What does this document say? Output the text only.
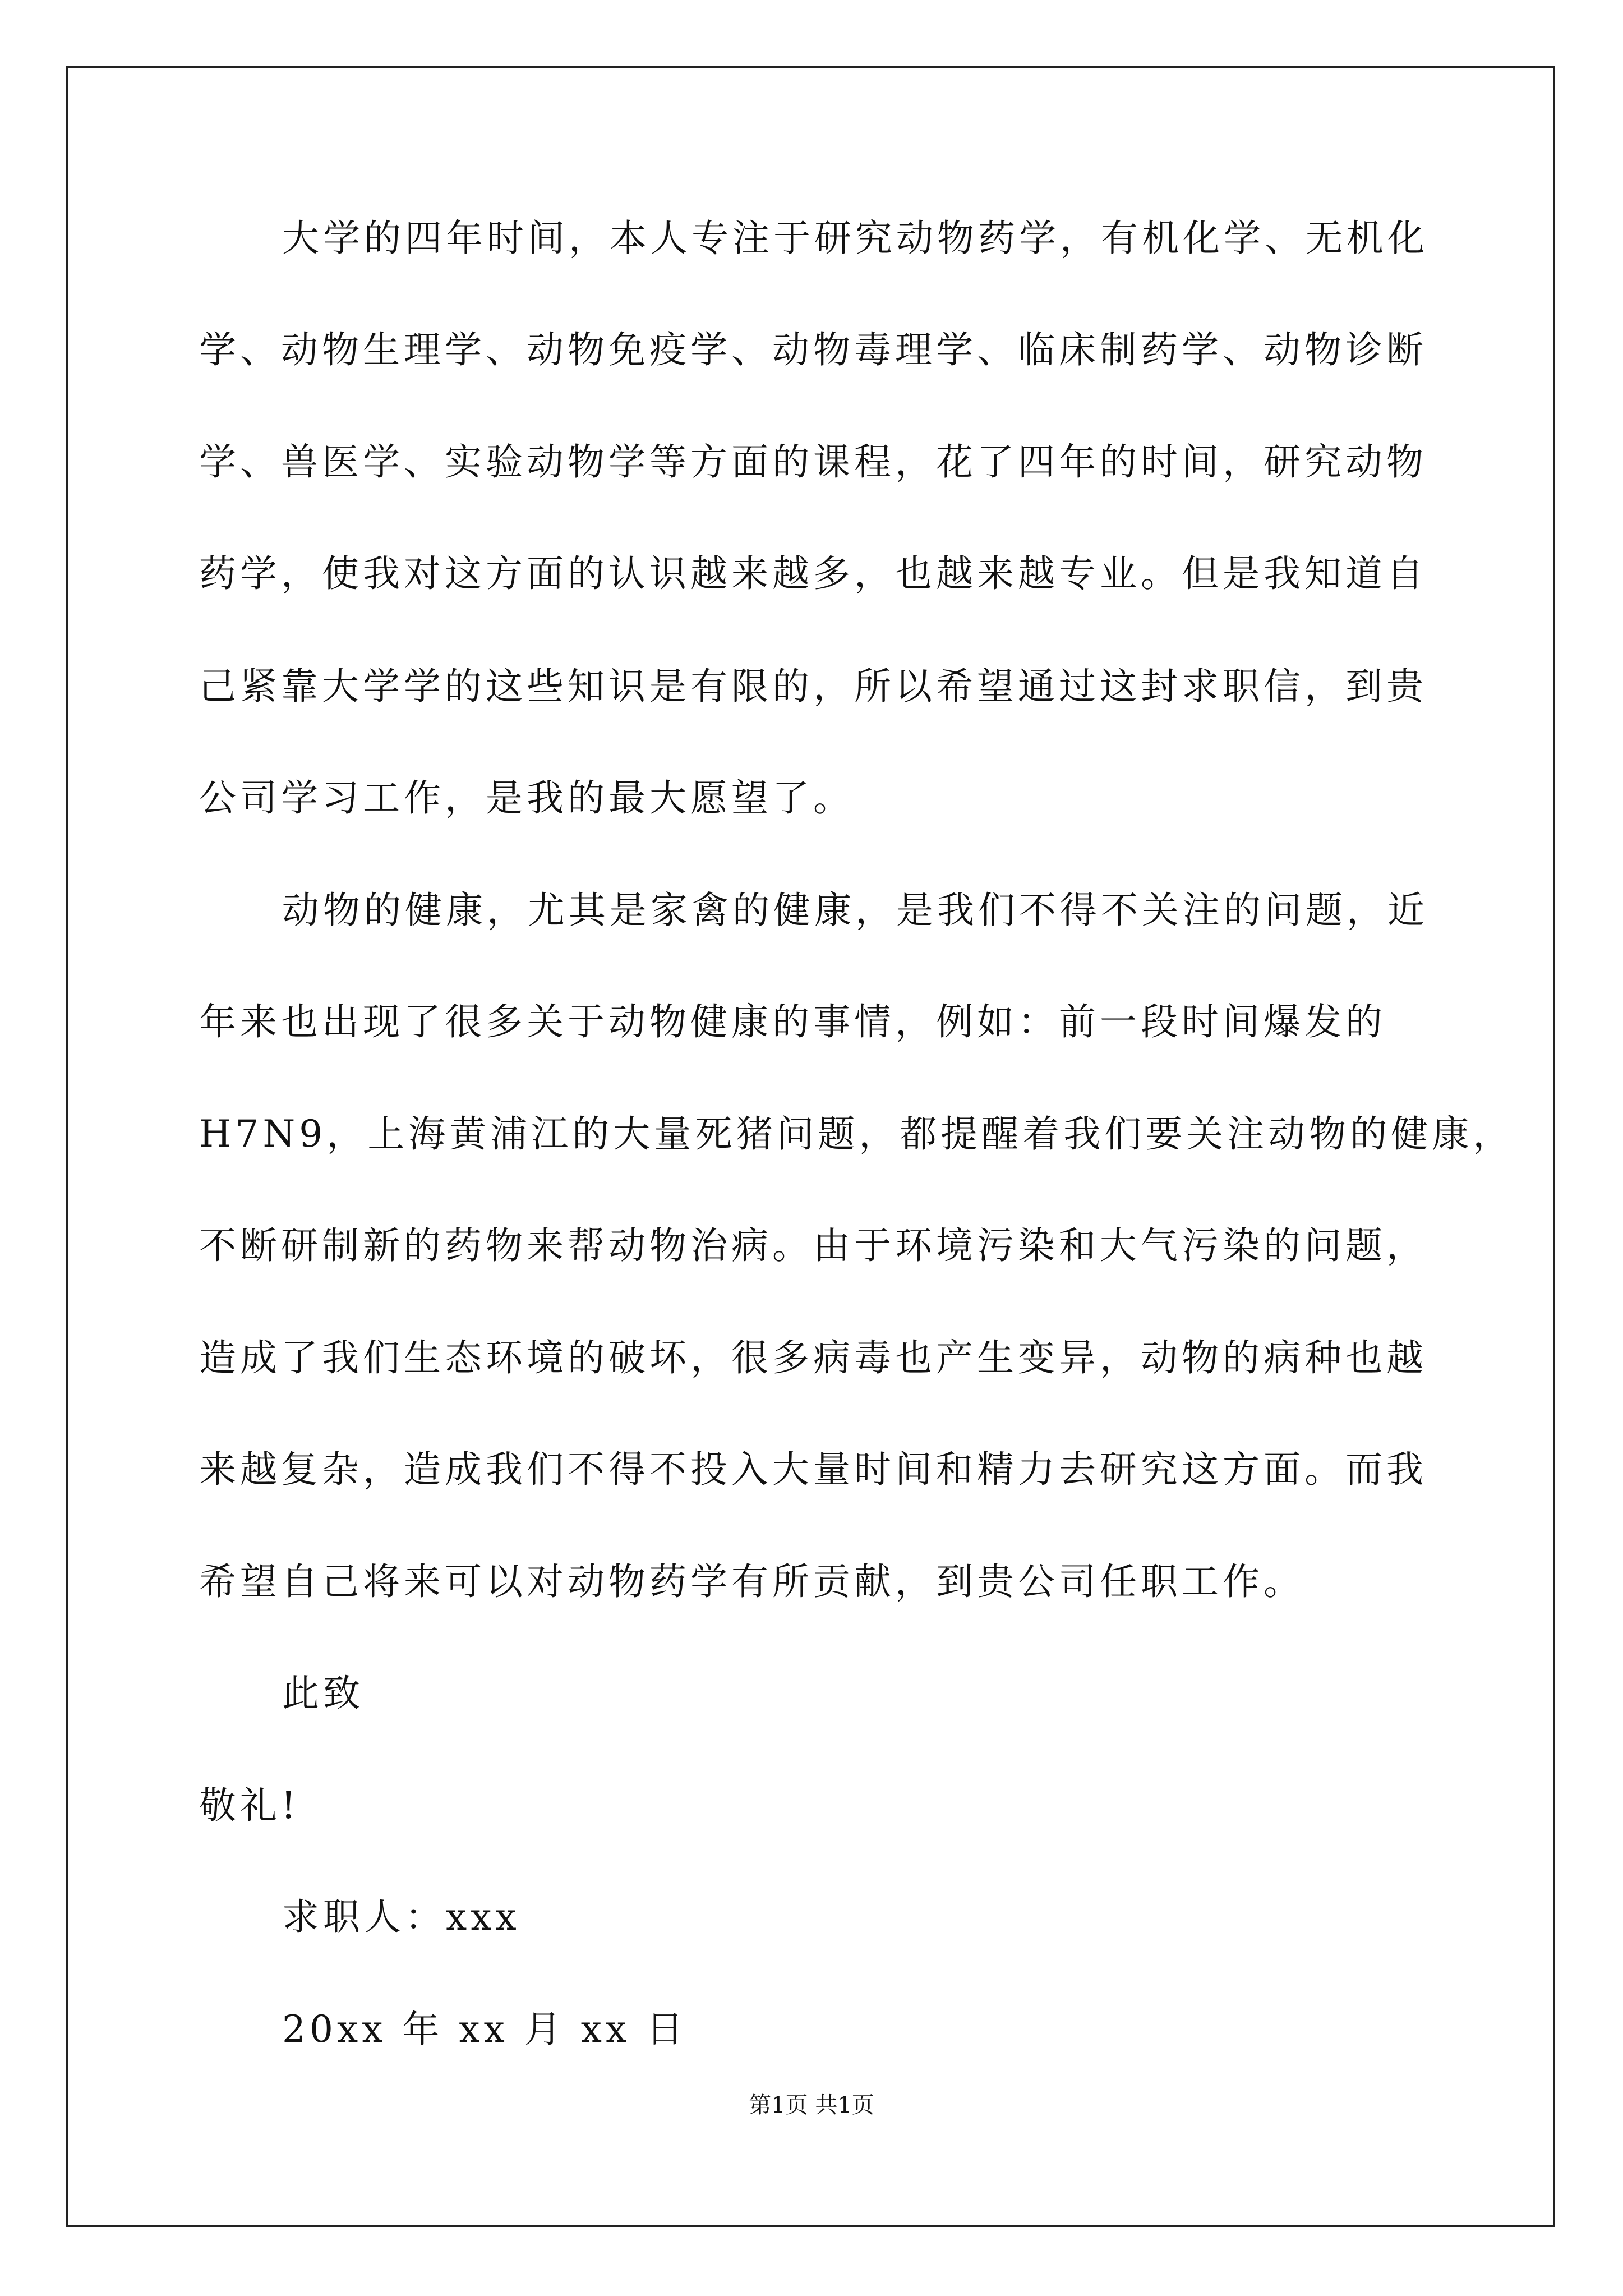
大学的四年时间，本人专注于研究动物药学，有机化学、无机化
学、动物生理学、动物免疫学、动物毒理学、临床制药学、动物诊断
学、兽医学、实验动物学等方面的课程，花了四年的时间，研究动物
药学，使我对这方面的认识越来越多，也越来越专业。但是我知道自
己紧靠大学学的这些知识是有限的，所以希望通过这封求职信，到贵
公司学习工作，是我的最大愿望了。
动物的健康，尤其是家禽的健康，是我们不得不关注的问题，近
年来也出现了很多关于动物健康的事情，例如：前一段时间爆发的
H7N9，上海黄浦江的大量死猪问题，都提醒着我们要关注动物的健康，
不断研制新的药物来帮动物治病。由于环境污染和大气污染的问题，
造成了我们生态环境的破坏，很多病毒也产生变异，动物的病种也越
来越复杂，造成我们不得不投入大量时间和精力去研究这方面。而我
希望自己将来可以对动物药学有所贡献，到贵公司任职工作。
此致
敬礼!
求职人：xxx
20xx 年 xx 月 xx 日
第1页 共1页
